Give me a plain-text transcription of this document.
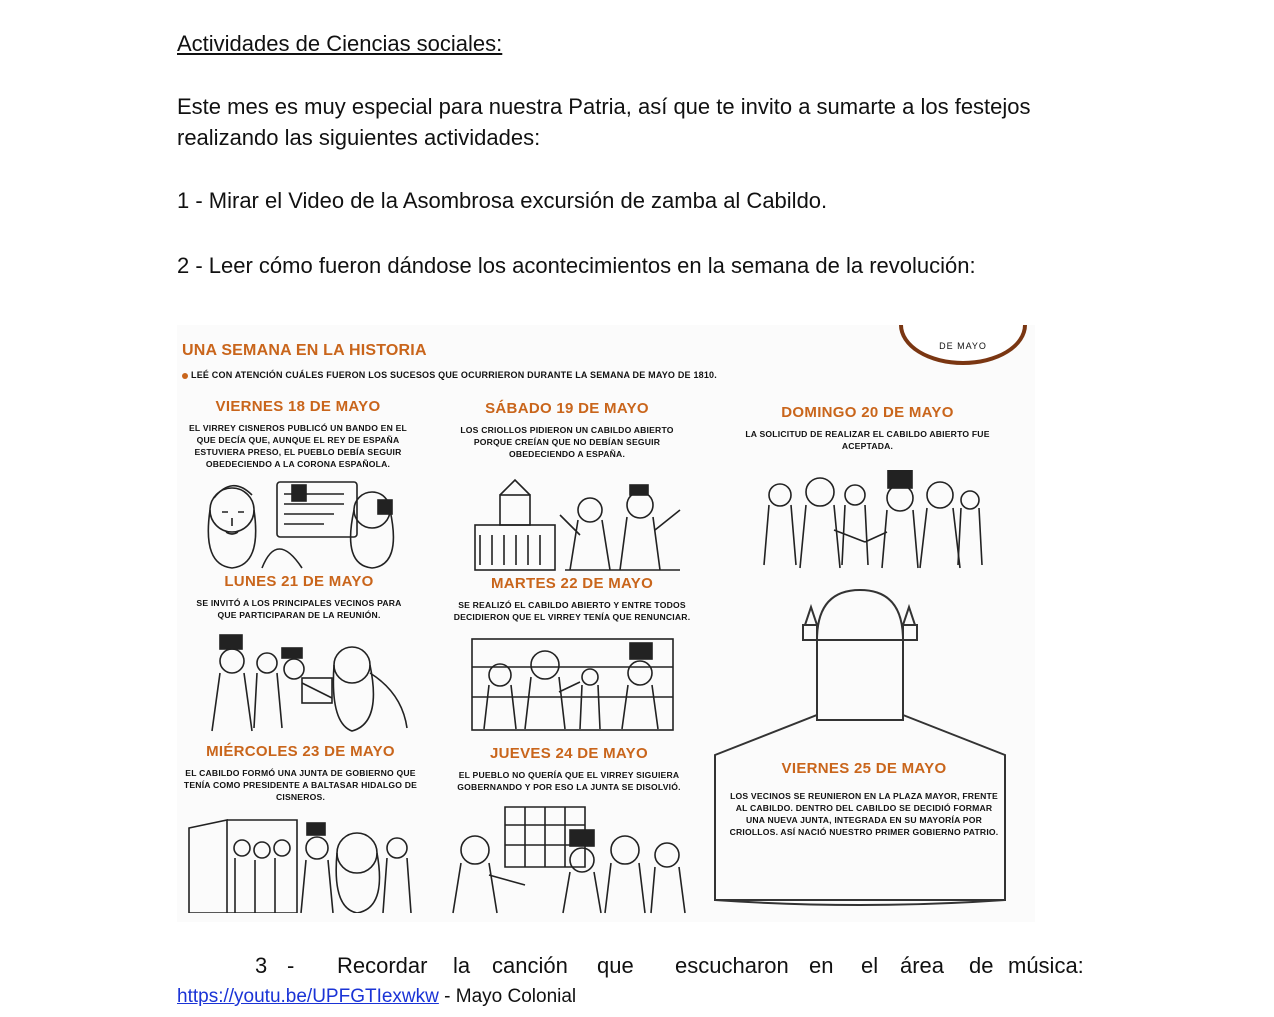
Actividades de Ciencias sociales:
Este mes es muy especial para nuestra Patria, así que te invito a sumarte a los festejos
realizando las siguientes actividades:
1 - Mirar el Video de la Asombrosa excursión de zamba al Cabildo.
2 - Leer cómo fueron dándose los acontecimientos en la semana de la revolución:
DE MAYO
UNA SEMANA EN LA HISTORIA
LEÉ CON ATENCIÓN CUÁLES FUERON LOS SUCESOS QUE OCURRIERON DURANTE LA SEMANA DE MAYO DE 1810.
VIERNES 18 DE MAYO

EL VIRREY CISNEROS PUBLICÓ UN BANDO EN EL QUE DECÍA QUE, AUNQUE EL REY DE ESPAÑA ESTUVIERA PRESO, EL PUEBLO DEBÍA SEGUIR OBEDECIENDO A LA CORONA ESPAÑOLA.

SÁBADO 19 DE MAYO

LOS CRIOLLOS PIDIERON UN CABILDO ABIERTO PORQUE CREÍAN QUE NO DEBÍAN SEGUIR OBEDECIENDO A ESPAÑA.

DOMINGO 20 DE MAYO

LA SOLICITUD DE REALIZAR EL CABILDO ABIERTO FUE ACEPTADA.

LUNES 21 DE MAYO

SE INVITÓ A LOS PRINCIPALES VECINOS PARA QUE PARTICIPARAN DE LA REUNIÓN.

MARTES 22 DE MAYO

SE REALIZÓ EL CABILDO ABIERTO Y ENTRE TODOS DECIDIERON QUE EL VIRREY TENÍA QUE RENUNCIAR.

MIÉRCOLES 23 DE MAYO

EL CABILDO FORMÓ UNA JUNTA DE GOBIERNO QUE TENÍA COMO PRESIDENTE A BALTASAR HIDALGO DE CISNEROS.

JUEVES 24 DE MAYO

EL PUEBLO NO QUERÍA QUE EL VIRREY SIGUIERA GOBERNANDO Y POR ESO LA JUNTA SE DISOLVIÓ.

VIERNES 25 DE MAYO

LOS VECINOS SE REUNIERON EN LA PLAZA MAYOR, FRENTE AL CABILDO. DENTRO DEL CABILDO SE DECIDIÓ FORMAR UNA NUEVA JUNTA, INTEGRADA EN SU MAYORÍA POR CRIOLLOS. ASÍ NACIÓ NUESTRO PRIMER GOBIERNO PATRIO.

3 - Recordar la canción que escucharon en el área de música:
https://youtu.be/UPFGTIexwkw - Mayo Colonial
